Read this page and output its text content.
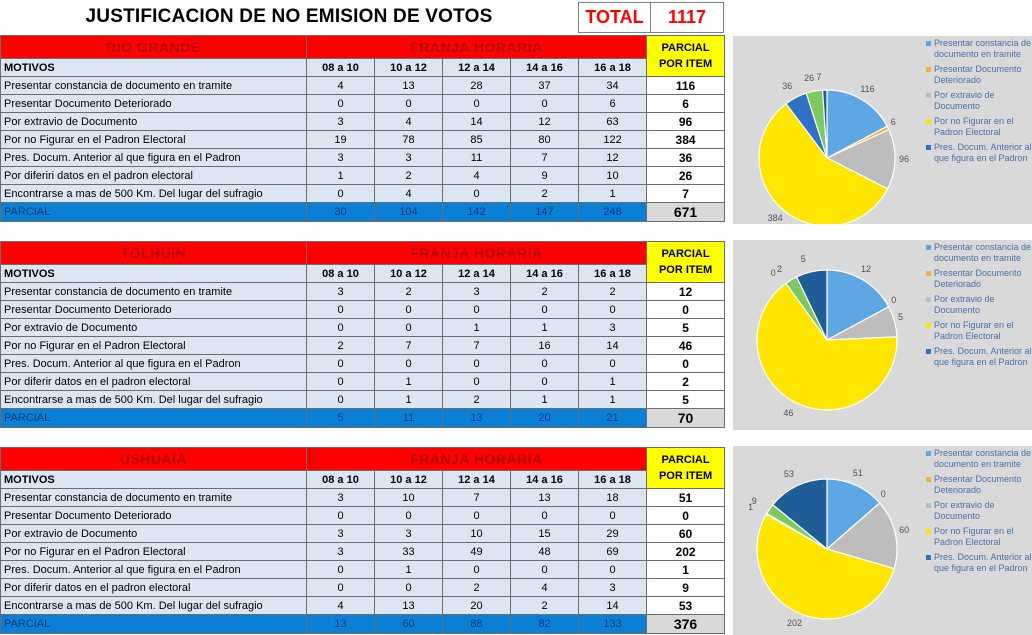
JUSTIFICACION DE NO EMISION DE VOTOS	TOTAL	1117
RIO GRANDE	FRANJA HORARIA					PARCIAL
POR ITEM

MOTIVOS	08 a 10	10 a 12	12 a 14	14 a 16	16 a 18	
Presentar constancia de documento en tramite	4	13	28	37	34	116
Presentar Documento Deteriorado	0	0	0	0	6	6
Por extravio de Documento	3	4	14	12	63	96
Por no Figurar en el Padron Electoral	19	78	85	80	122	384
Pres. Docum. Anterior al que figura en el Padron	3	3	11	7	12	36
Por diferiri datos en el padron electoral	1	2	4	9	10	26
Encontrarse a mas de 500 Km. Del lugar del sufragio	0	4	0	2	1	7
PARCIAL	30	104	142	147	248	671
TOLHUIN	FRANJA HORARIA					PARCIAL
POR ITEM

MOTIVOS	08 a 10	10 a 12	12 a 14	14 a 16	16 a 18	
Presentar constancia de documento en tramite	3	2	3	2	2	12
Presentar Documento Deteriorado	0	0	0	0	0	0
Por extravio de Documento	0	0	1	1	3	5
Por no Figurar en el Padron Electoral	2	7	7	16	14	46
Pres. Docum. Anterior al que figura en el Padron	0	0	0	0	0	0
Por diferir datos en el padron electoral	0	1	0	0	1	2
Encontrarse a mas de 500 Km. Del lugar del sufragio	0	1	2	1	1	5
PARCIAL	5	11	13	20	21	70
USHUAIA	FRANJA HORARIA					PARCIAL
POR ITEM

MOTIVOS	08 a 10	10 a 12	12 a 14	14 a 16	16 a 18	
Presentar constancia de documento en tramite	3	10	7	13	18	51
Presentar Documento Deteriorado	0	0	0	0	0	0
Por extravio de Documento	3	3	10	15	29	60
Por no Figurar en el Padron Electoral	3	33	49	48	69	202
Pres. Docum. Anterior al que figura en el Padron	0	1	0	0	0	1
Por diferir datos en el padron electoral	0	0	2	4	3	9
Encontrarse a mas de 500 Km. Del lugar del sufragio	4	13	20	2	14	53
PARCIAL	13	60	88	82	133	376
116
6
96
384
36
26 7
Presentar constancia de documento en tramite
Presentar Documento Deteriorado
Por extravio de Documento
Por no Figurar en el Padron Electoral
Pres. Docum. Anterior al que figura en el Padron
12
0
5
46
0 2
5
Presentar constancia de documento en tramite
Presentar Documento Deteriorado
Por extravio de Documento
Por no Figurar en el Padron Electoral
Pres. Docum. Anterior al que figura en el Padron
51
0
60
202
1
9
53
Presentar constancia de documento en tramite
Presentar Documento Deteriorado
Por extravio de Documento
Por no Figurar en el Padron Electoral
Pres. Docum. Anterior al que figura en el Padron
